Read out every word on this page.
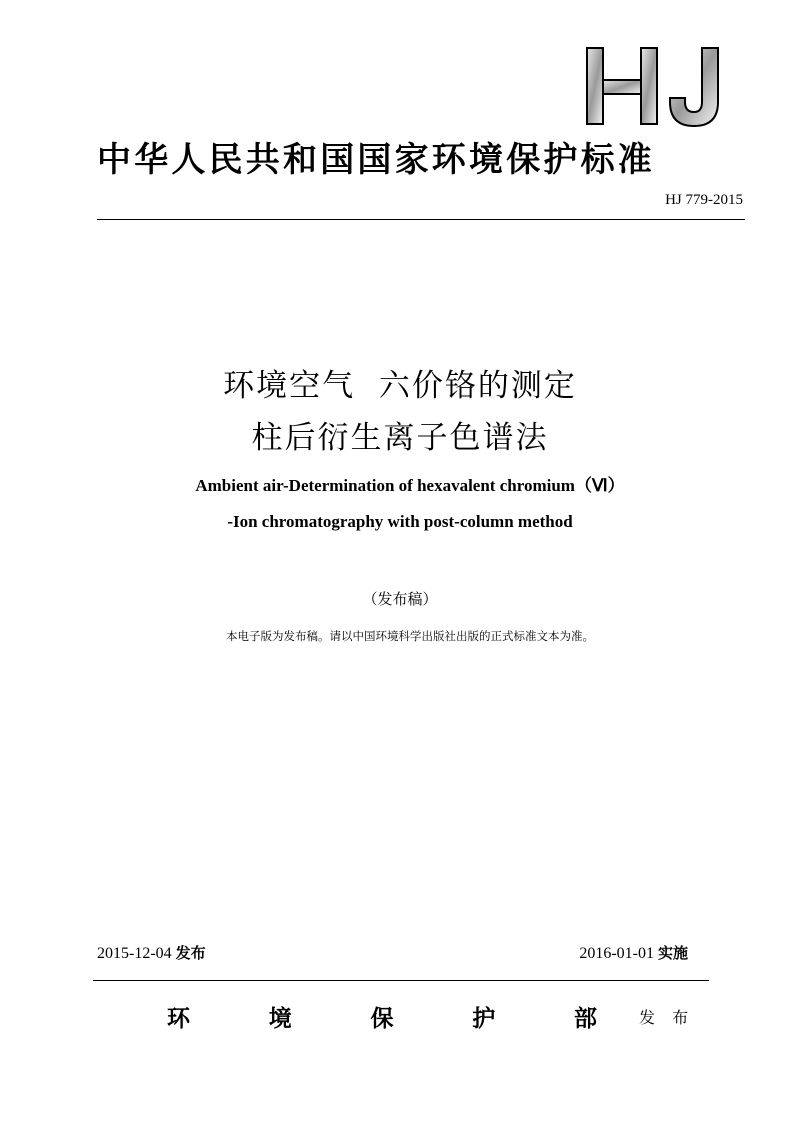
中华人民共和国国家环境保护标准
HJ 779-2015
环境空气  六价铬的测定
柱后衍生离子色谱法
Ambient air-Determination of hexavalent chromium（Ⅵ）
-Ion chromatography with post-column method
（发布稿）
本电子版为发布稿。请以中国环境科学出版社出版的正式标准文本为准。
2015-12-04 发布	2016-01-01 实施
环	境	保	护	部	发 布
